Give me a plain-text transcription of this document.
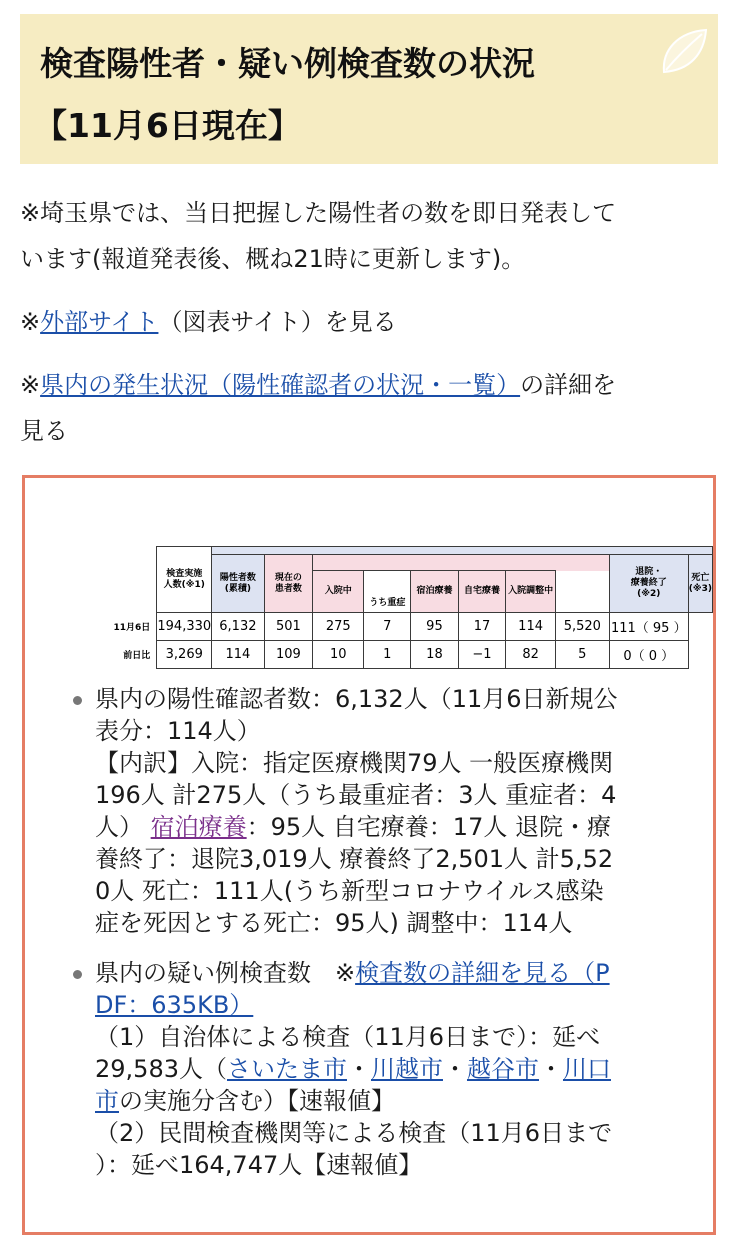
検査陽性者・疑い例検査数の状況
【11月6日現在】
※埼玉県では、当日把握した陽性者の数を即日発表して
います(報道発表後、概ね21時に更新します)。
※外部サイト（図表サイト）を見る
※県内の発生状況（陽性確認者の状況・一覧）の詳細を
見る
	検査実施
人数(※1)										
		陽性者数
(累積)	現在の
患者数							退院・
療養終了
(※2)	死亡(※3)
				入院中	うち重症	宿泊療養	自宅療養	入院調整中			
11月6日	194,330	6,132	501	275	7	95	17	114	5,520	111（ 95 ）	
前日比	3,269	114	109	10	1	18	−1	82	5	0（ 0 ）	
県内の陽性確認者数：6,132人（11月6日新規公
表分：114人）
【内訳】入院：指定医療機関79人 一般医療機関
196人 計275人（うち最重症者：3人 重症者：4
人） 宿泊療養：95人 自宅療養：17人 退院・療
養終了：退院3,019人 療養終了2,501人 計5,52
0人 死亡：111人(うち新型コロナウイルス感染
症を死因とする死亡：95人) 調整中：114人
県内の疑い例検査数　※検査数の詳細を見る（P
DF：635KB）
（1）自治体による検査（11月6日まで）：延べ
29,583人（さいたま市・川越市・越谷市・川口
市の実施分含む）【速報値】
（2）民間検査機関等による検査（11月6日まで
）：延べ164,747人【速報値】
